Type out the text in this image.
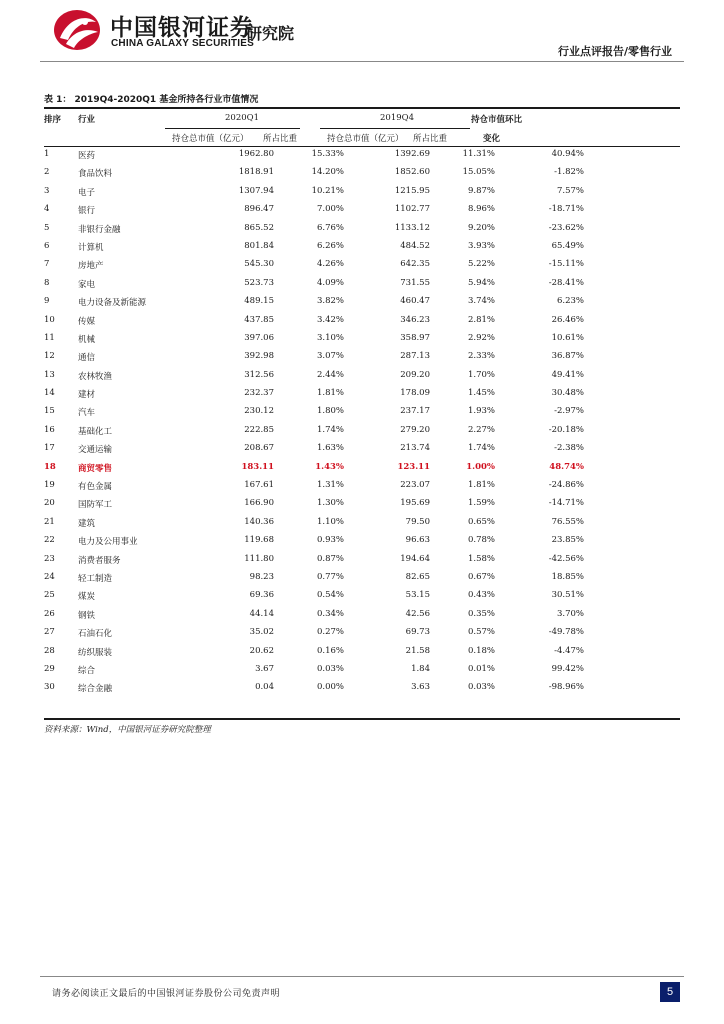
中国银河证券
CHINA GALAXY SECURITIES
研究院
行业点评报告/零售行业
表 1： 2019Q4-2020Q1 基金所持各行业市值情况
排序 行业	2020Q1	2019Q4	持仓市值环比
变化
持仓总市值（亿元） 所占比重	持仓总市值（亿元） 所占比重
1	医药	1962.80	15.33%	1392.69	11.31%	40.94%
2	食品饮料	1818.91	14.20%	1852.60	15.05%	-1.82%
3	电子	1307.94	10.21%	1215.95	9.87%	7.57%
4	银行	896.47	7.00%	1102.77	8.96%	-18.71%
5	非银行金融	865.52	6.76%	1133.12	9.20%	-23.62%
6	计算机	801.84	6.26%	484.52	3.93%	65.49%
7	房地产	545.30	4.26%	642.35	5.22%	-15.11%
8	家电	523.73	4.09%	731.55	5.94%	-28.41%
9	电力设备及新能源	489.15	3.82%	460.47	3.74%	6.23%
10	传媒	437.85	3.42%	346.23	2.81%	26.46%
11	机械	397.06	3.10%	358.97	2.92%	10.61%
12	通信	392.98	3.07%	287.13	2.33%	36.87%
13	农林牧渔	312.56	2.44%	209.20	1.70%	49.41%
14	建材	232.37	1.81%	178.09	1.45%	30.48%
15	汽车	230.12	1.80%	237.17	1.93%	-2.97%
16	基础化工	222.85	1.74%	279.20	2.27%	-20.18%
17	交通运输	208.67	1.63%	213.74	1.74%	-2.38%
18	商贸零售	183.11	1.43%	123.11	1.00%	48.74%
19	有色金属	167.61	1.31%	223.07	1.81%	-24.86%
20	国防军工	166.90	1.30%	195.69	1.59%	-14.71%
21	建筑	140.36	1.10%	79.50	0.65%	76.55%
22	电力及公用事业	119.68	0.93%	96.63	0.78%	23.85%
23	消费者服务	111.80	0.87%	194.64	1.58%	-42.56%
24	轻工制造	98.23	0.77%	82.65	0.67%	18.85%
25	煤炭	69.36	0.54%	53.15	0.43%	30.51%
26	钢铁	44.14	0.34%	42.56	0.35%	3.70%
27	石油石化	35.02	0.27%	69.73	0.57%	-49.78%
28	纺织服装	20.62	0.16%	21.58	0.18%	-4.47%
29	综合	3.67	0.03%	1.84	0.01%	99.42%
30	综合金融	0.04	0.00%	3.63	0.03%	-98.96%
资料来源：Wind，中国银河证券研究院整理
请务必阅读正文最后的中国银河证券股份公司免责声明	5
